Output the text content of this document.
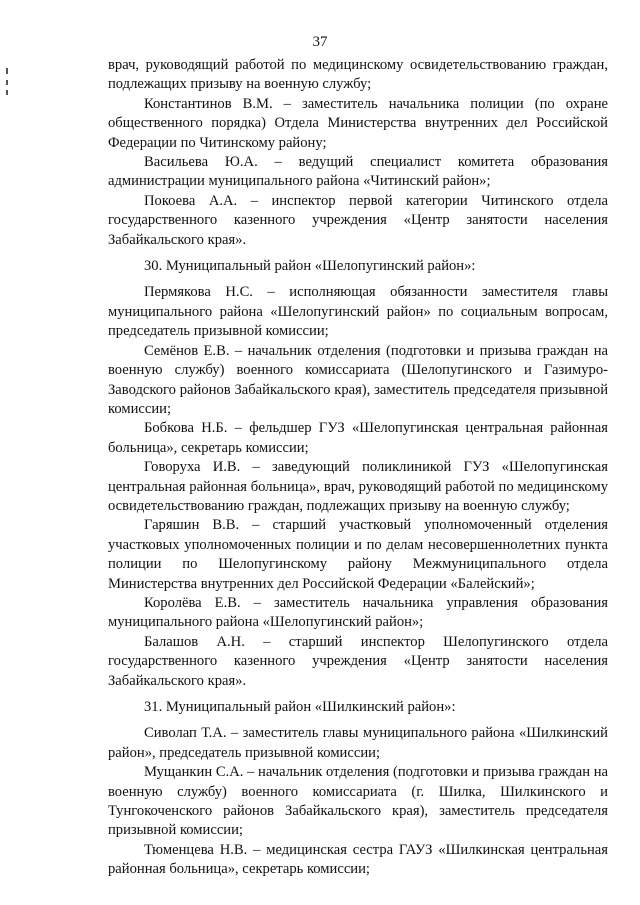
37

врач, руководящий работой по медицинскому освидетельствованию граждан, подлежащих призыву на военную службу;

Константинов В.М. – заместитель начальника полиции (по охране общественного порядка) Отдела Министерства внутренних дел Российской Федерации по Читинскому району;

Васильева Ю.А. – ведущий специалист комитета образования администрации муниципального района «Читинский район»;

Покоева А.А. – инспектор первой категории Читинского отдела государственного казенного учреждения «Центр занятости населения Забайкальского края».

30. Муниципальный район «Шелопугинский район»:

Пермякова Н.С. – исполняющая обязанности заместителя главы муниципального района «Шелопугинский район» по социальным вопросам, председатель призывной комиссии;

Семёнов Е.В. – начальник отделения (подготовки и призыва граждан на военную службу) военного комиссариата (Шелопугинского и Газимуро-Заводского районов Забайкальского края), заместитель председателя призывной комиссии;

Бобкова Н.Б. – фельдшер ГУЗ «Шелопугинская центральная районная больница», секретарь комиссии;

Говоруха И.В. – заведующий поликлиникой ГУЗ «Шелопугинская центральная районная больница», врач, руководящий работой по медицинскому освидетельствованию граждан, подлежащих призыву на военную службу;

Гаряшин В.В. – старший участковый уполномоченный отделения участковых уполномоченных полиции и по делам несовершеннолетних пункта полиции по Шелопугинскому району Межмуниципального отдела Министерства внутренних дел Российской Федерации «Балейский»;

Королёва Е.В. – заместитель начальника управления образования муниципального района «Шелопугинский район»;

Балашов А.Н. – старший инспектор Шелопугинского отдела государственного казенного учреждения «Центр занятости населения Забайкальского края».

31. Муниципальный район «Шилкинский район»:

Сиволап Т.А. – заместитель главы муниципального района «Шилкинский район», председатель призывной комиссии;

Мущанкин С.А. – начальник отделения (подготовки и призыва граждан на военную службу) военного комиссариата (г. Шилка, Шилкинского и Тунгокоченского районов Забайкальского края), заместитель председателя призывной комиссии;

Тюменцева Н.В. – медицинская сестра ГАУЗ «Шилкинская центральная районная больница», секретарь комиссии;
